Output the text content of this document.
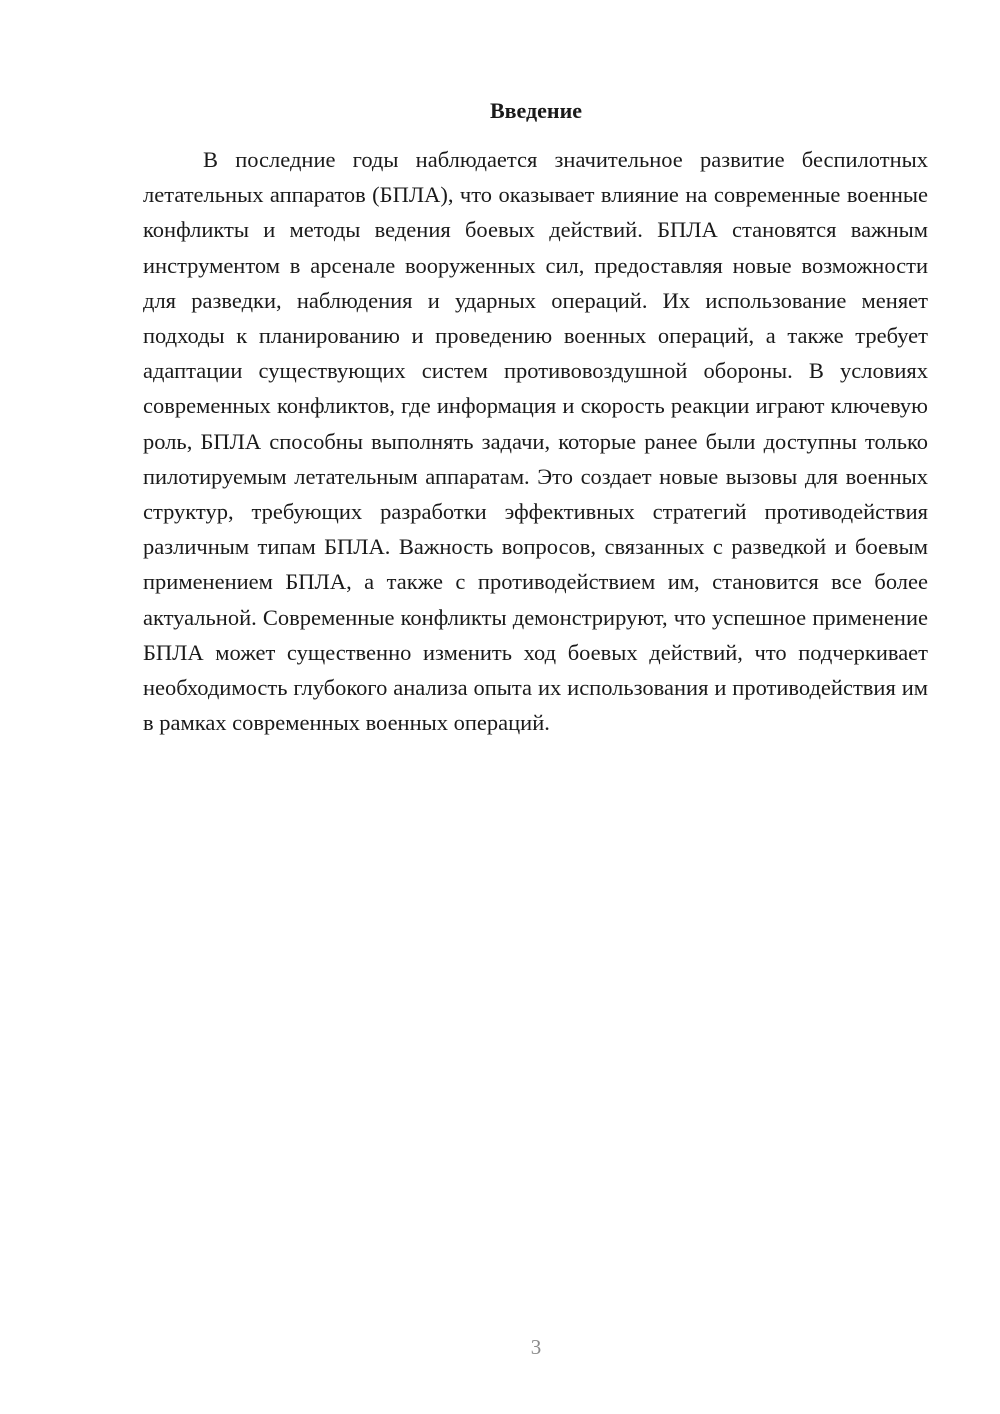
Введение

В последние годы наблюдается значительное развитие беспилотных летательных аппаратов (БПЛА), что оказывает влияние на современные военные конфликты и методы ведения боевых действий. БПЛА становятся важным инструментом в арсенале вооруженных сил, предоставляя новые возможности для разведки, наблюдения и ударных операций. Их использование меняет подходы к планированию и проведению военных операций, а также требует адаптации существующих систем противовоздушной обороны. В условиях современных конфликтов, где информация и скорость реакции играют ключевую роль, БПЛА способны выполнять задачи, которые ранее были доступны только пилотируемым летательным аппаратам. Это создает новые вызовы для военных структур, требующих разработки эффективных стратегий противодействия различным типам БПЛА. Важность вопросов, связанных с разведкой и боевым применением БПЛА, а также с противодействием им, становится все более актуальной. Современные конфликты демонстрируют, что успешное применение БПЛА может существенно изменить ход боевых действий, что подчеркивает необходимость глубокого анализа опыта их использования и противодействия им в рамках современных военных операций.

3
